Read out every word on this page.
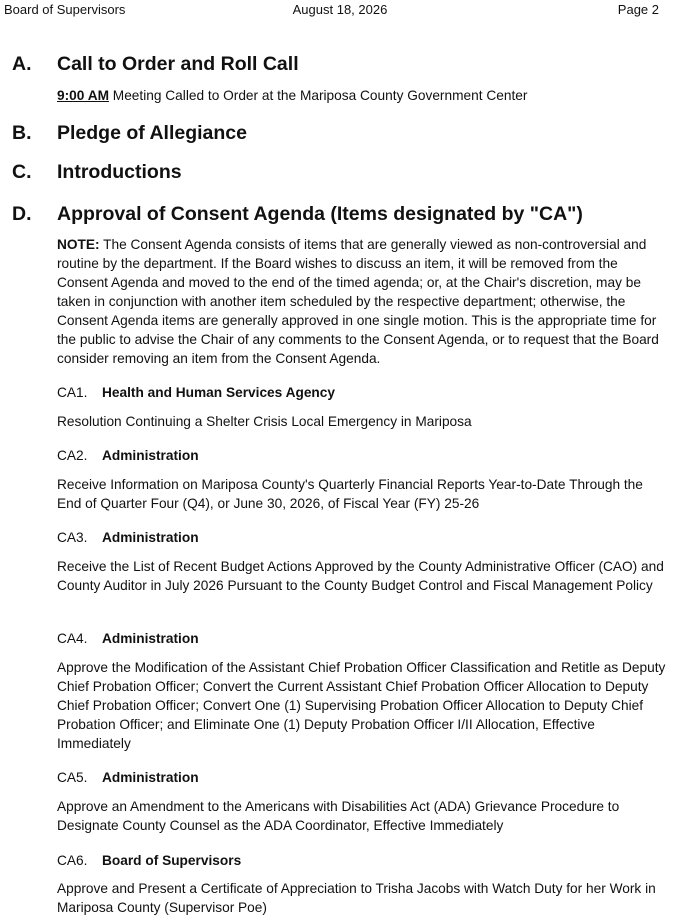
Board of Supervisors	August 18, 2026	Page 2
A. Call to Order and Roll Call
9:00 AM Meeting Called to Order at the Mariposa County Government Center
B. Pledge of Allegiance
C. Introductions
D. Approval of Consent Agenda (Items designated by "CA")
NOTE: The Consent Agenda consists of items that are generally viewed as non-controversial and routine by the department. If the Board wishes to discuss an item, it will be removed from the Consent Agenda and moved to the end of the timed agenda; or, at the Chair's discretion, may be taken in conjunction with another item scheduled by the respective department; otherwise, the Consent Agenda items are generally approved in one single motion. This is the appropriate time for the public to advise the Chair of any comments to the Consent Agenda, or to request that the Board consider removing an item from the Consent Agenda.
CA1. Health and Human Services Agency
Resolution Continuing a Shelter Crisis Local Emergency in Mariposa
CA2. Administration
Receive Information on Mariposa County's Quarterly Financial Reports Year-to-Date Through the End of Quarter Four (Q4), or June 30, 2026, of Fiscal Year (FY) 25-26
CA3. Administration
Receive the List of Recent Budget Actions Approved by the County Administrative Officer (CAO) and County Auditor in July 2026 Pursuant to the County Budget Control and Fiscal Management Policy
CA4. Administration
Approve the Modification of the Assistant Chief Probation Officer Classification and Retitle as Deputy Chief Probation Officer; Convert the Current Assistant Chief Probation Officer Allocation to Deputy Chief Probation Officer; Convert One (1) Supervising Probation Officer Allocation to Deputy Chief Probation Officer; and Eliminate One (1) Deputy Probation Officer I/II Allocation, Effective Immediately
CA5. Administration
Approve an Amendment to the Americans with Disabilities Act (ADA) Grievance Procedure to Designate County Counsel as the ADA Coordinator, Effective Immediately
CA6. Board of Supervisors
Approve and Present a Certificate of Appreciation to Trisha Jacobs with Watch Duty for her Work in Mariposa County (Supervisor Poe)
